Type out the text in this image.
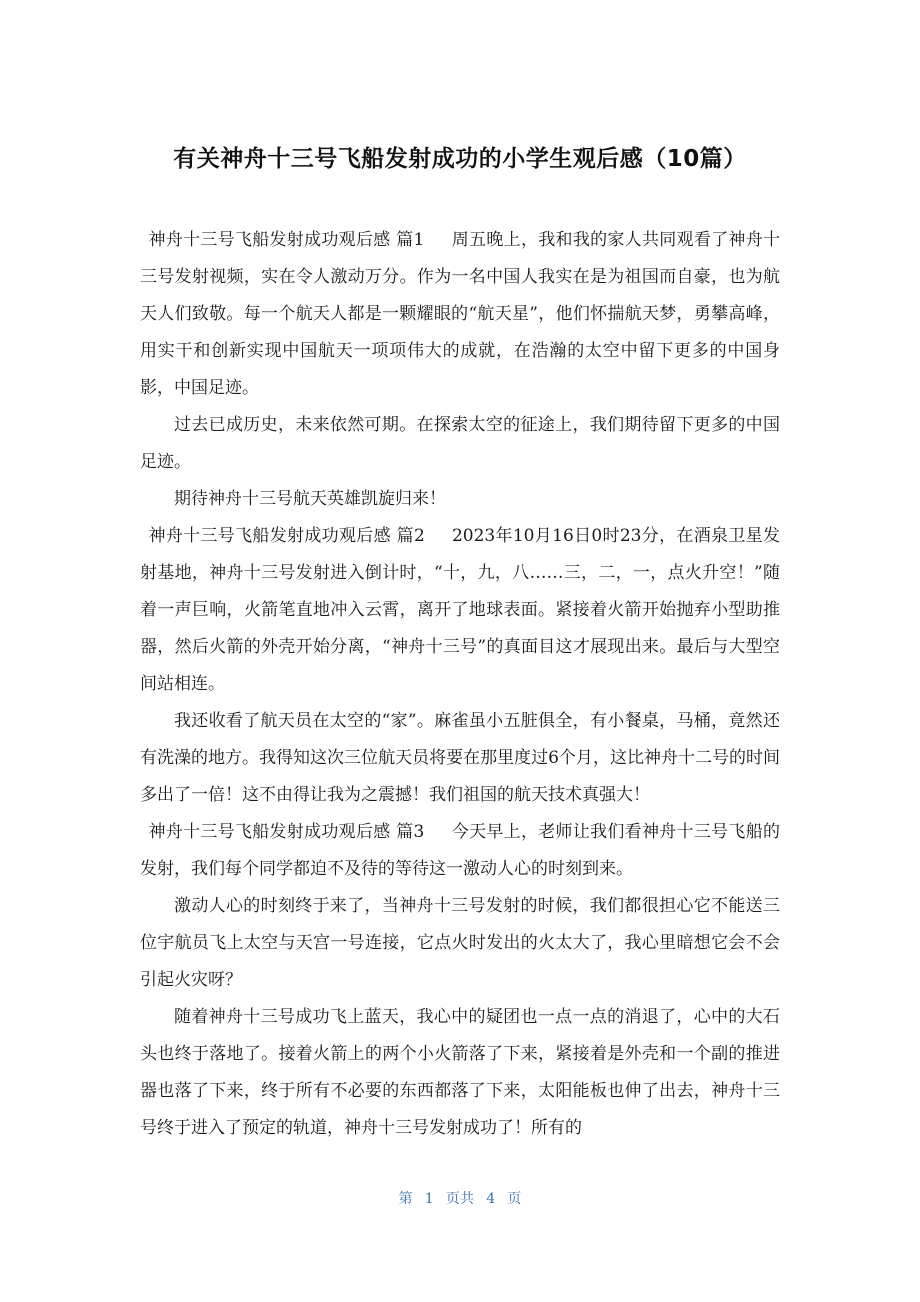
有关神舟十三号飞船发射成功的小学生观后感（10篇）

神舟十三号飞船发射成功观后感 篇1 周五晚上，我和我的家人共同观看了神舟十三号发射视频，实在令人激动万分。作为一名中国人我实在是为祖国而自豪，也为航天人们致敬。每一个航天人都是一颗耀眼的“航天星”，他们怀揣航天梦，勇攀高峰，用实干和创新实现中国航天一项项伟大的成就，在浩瀚的太空中留下更多的中国身影，中国足迹。

过去已成历史，未来依然可期。在探索太空的征途上，我们期待留下更多的中国足迹。

期待神舟十三号航天英雄凯旋归来！

神舟十三号飞船发射成功观后感 篇2 2023年10月16日0时23分，在酒泉卫星发射基地，神舟十三号发射进入倒计时，“十，九，八……三，二，一，点火升空！”随着一声巨响，火箭笔直地冲入云霄，离开了地球表面。紧接着火箭开始抛弃小型助推器，然后火箭的外壳开始分离，“神舟十三号”的真面目这才展现出来。最后与大型空间站相连。

我还收看了航天员在太空的“家”。麻雀虽小五脏俱全，有小餐桌，马桶，竟然还有洗澡的地方。我得知这次三位航天员将要在那里度过6个月，这比神舟十二号的时间多出了一倍！这不由得让我为之震撼！我们祖国的航天技术真强大！

神舟十三号飞船发射成功观后感 篇3 今天早上，老师让我们看神舟十三号飞船的发射，我们每个同学都迫不及待的等待这一激动人心的时刻到来。

激动人心的时刻终于来了，当神舟十三号发射的时候，我们都很担心它不能送三位宇航员飞上太空与天宫一号连接，它点火时发出的火太大了，我心里暗想它会不会引起火灾呀？

随着神舟十三号成功飞上蓝天，我心中的疑团也一点一点的消退了，心中的大石头也终于落地了。接着火箭上的两个小火箭落了下来，紧接着是外壳和一个副的推进器也落了下来，终于所有不必要的东西都落了下来，太阳能板也伸了出去，神舟十三号终于进入了预定的轨道，神舟十三号发射成功了！所有的

第 1 页共 4 页
